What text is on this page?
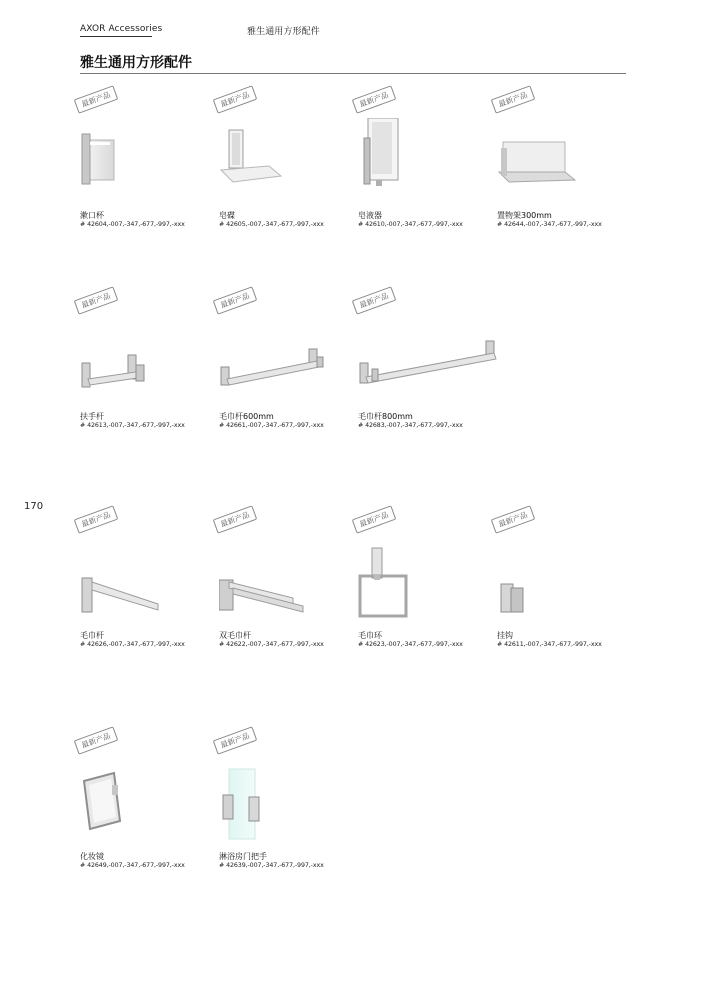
AXOR Accessories	雅生通用方形配件
雅生通用方形配件
170
最新产品
漱口杯
# 42604,-007,-347,-677,-997,-xxx
最新产品
皂碟
# 42605,-007,-347,-677,-997,-xxx
最新产品
皂液器
# 42610,-007,-347,-677,-997,-xxx
最新产品
置物架300mm
# 42644,-007,-347,-677,-997,-xxx
最新产品
扶手杆
# 42613,-007,-347,-677,-997,-xxx
最新产品
毛巾杆600mm
# 42661,-007,-347,-677,-997,-xxx
最新产品
毛巾杆800mm
# 42683,-007,-347,-677,-997,-xxx
最新产品
毛巾杆
# 42626,-007,-347,-677,-997,-xxx
最新产品
双毛巾杆
# 42622,-007,-347,-677,-997,-xxx
最新产品
毛巾环
# 42623,-007,-347,-677,-997,-xxx
最新产品
挂钩
# 42611,-007,-347,-677,-997,-xxx
最新产品
化妆镜
# 42649,-007,-347,-677,-997,-xxx
最新产品
淋浴房门把手
# 42639,-007,-347,-677,-997,-xxx
